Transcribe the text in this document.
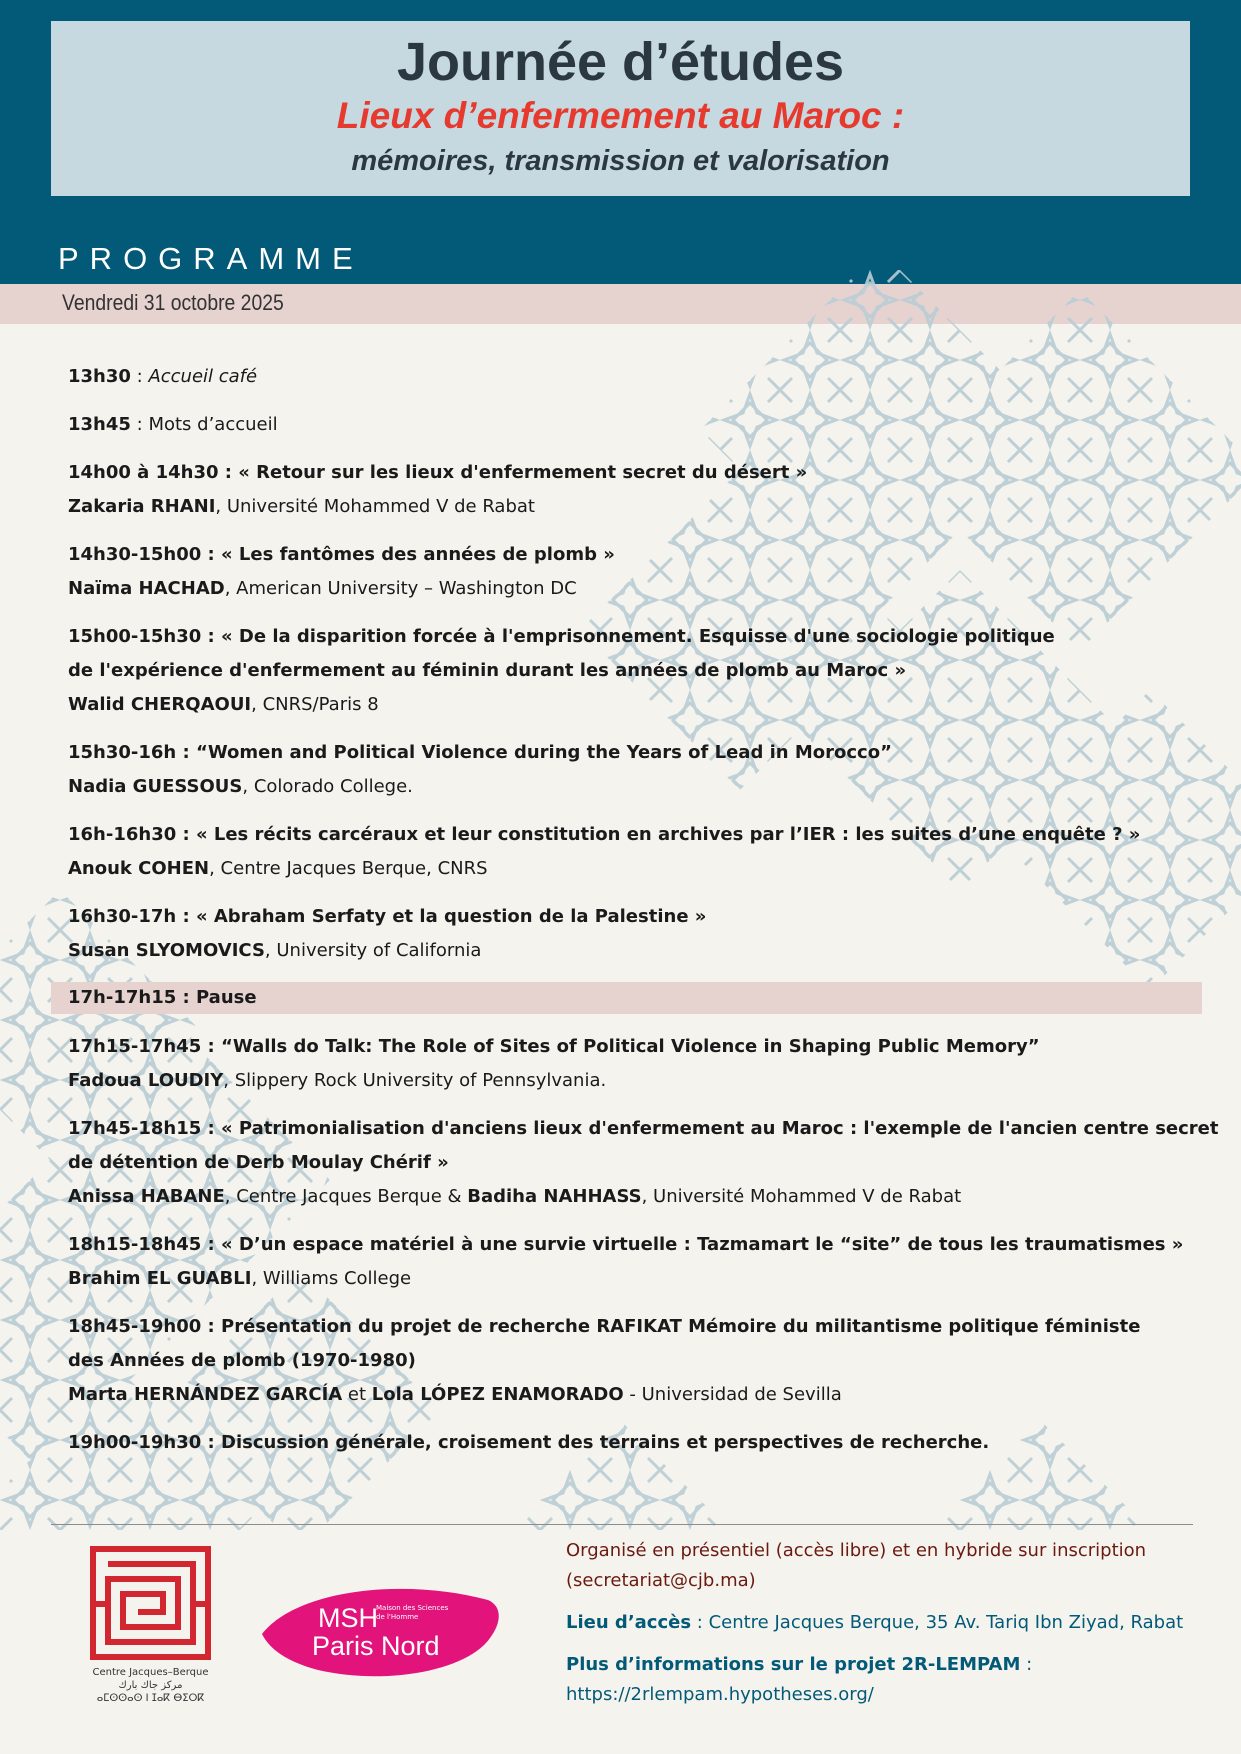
Journée d’études
Lieux d’enfermement au Maroc :
mémoires, transmission et valorisation
PROGRAMME
Vendredi 31 octobre 2025
13h30 : Accueil café
13h45 : Mots d’accueil
14h00 à 14h30 : « Retour sur les lieux d'enfermement secret du désert »
Zakaria RHANI, Université Mohammed V de Rabat
14h30-15h00 : « Les fantômes des années de plomb »
Naïma HACHAD, American University – Washington DC
15h00-15h30 : « De la disparition forcée à l'emprisonnement. Esquisse d'une sociologie politique
de l'expérience d'enfermement au féminin durant les années de plomb au Maroc »
Walid CHERQAOUI, CNRS/Paris 8
15h30-16h : “Women and Political Violence during the Years of Lead in Morocco”
Nadia GUESSOUS, Colorado College.
16h-16h30 : « Les récits carcéraux et leur constitution en archives par l’IER : les suites d’une enquête ? »
Anouk COHEN, Centre Jacques Berque, CNRS
16h30-17h : « Abraham Serfaty et la question de la Palestine »
Susan SLYOMOVICS, University of California
17h-17h15 : Pause
17h15-17h45 : “Walls do Talk: The Role of Sites of Political Violence in Shaping Public Memory”
Fadoua LOUDIY, Slippery Rock University of Pennsylvania.
17h45-18h15 : « Patrimonialisation d'anciens lieux d'enfermement au Maroc : l'exemple de l'ancien centre secret
de détention de Derb Moulay Chérif »
Anissa HABANE, Centre Jacques Berque & Badiha NAHHASS, Université Mohammed V de Rabat
18h15-18h45 : « D’un espace matériel à une survie virtuelle : Tazmamart le “site” de tous les traumatismes »
Brahim EL GUABLI, Williams College
18h45-19h00 : Présentation du projet de recherche RAFIKAT Mémoire du militantisme politique féministe
des Années de plomb (1970-1980)
Marta HERNÁNDEZ GARCÍA et Lola LÓPEZ ENAMORADO - Universidad de Sevilla
19h00-19h30 : Discussion générale, croisement des terrains et perspectives de recherche.
Centre Jacques–Berque
مركز جاك بارك
ⴰⵎⵙⵙⴰⵙ ⵏ ⵊⴰⴽ ⴱⵉⵔⴽ
MSH
Paris Nord
Maison des Sciences
de l'Homme
Organisé en présentiel (accès libre) et en hybride sur inscription
(secretariat@cjb.ma)
Lieu d’accès : Centre Jacques Berque, 35 Av. Tariq Ibn Ziyad, Rabat
Plus d’informations sur le projet 2R-LEMPAM :
https://2rlempam.hypotheses.org/
